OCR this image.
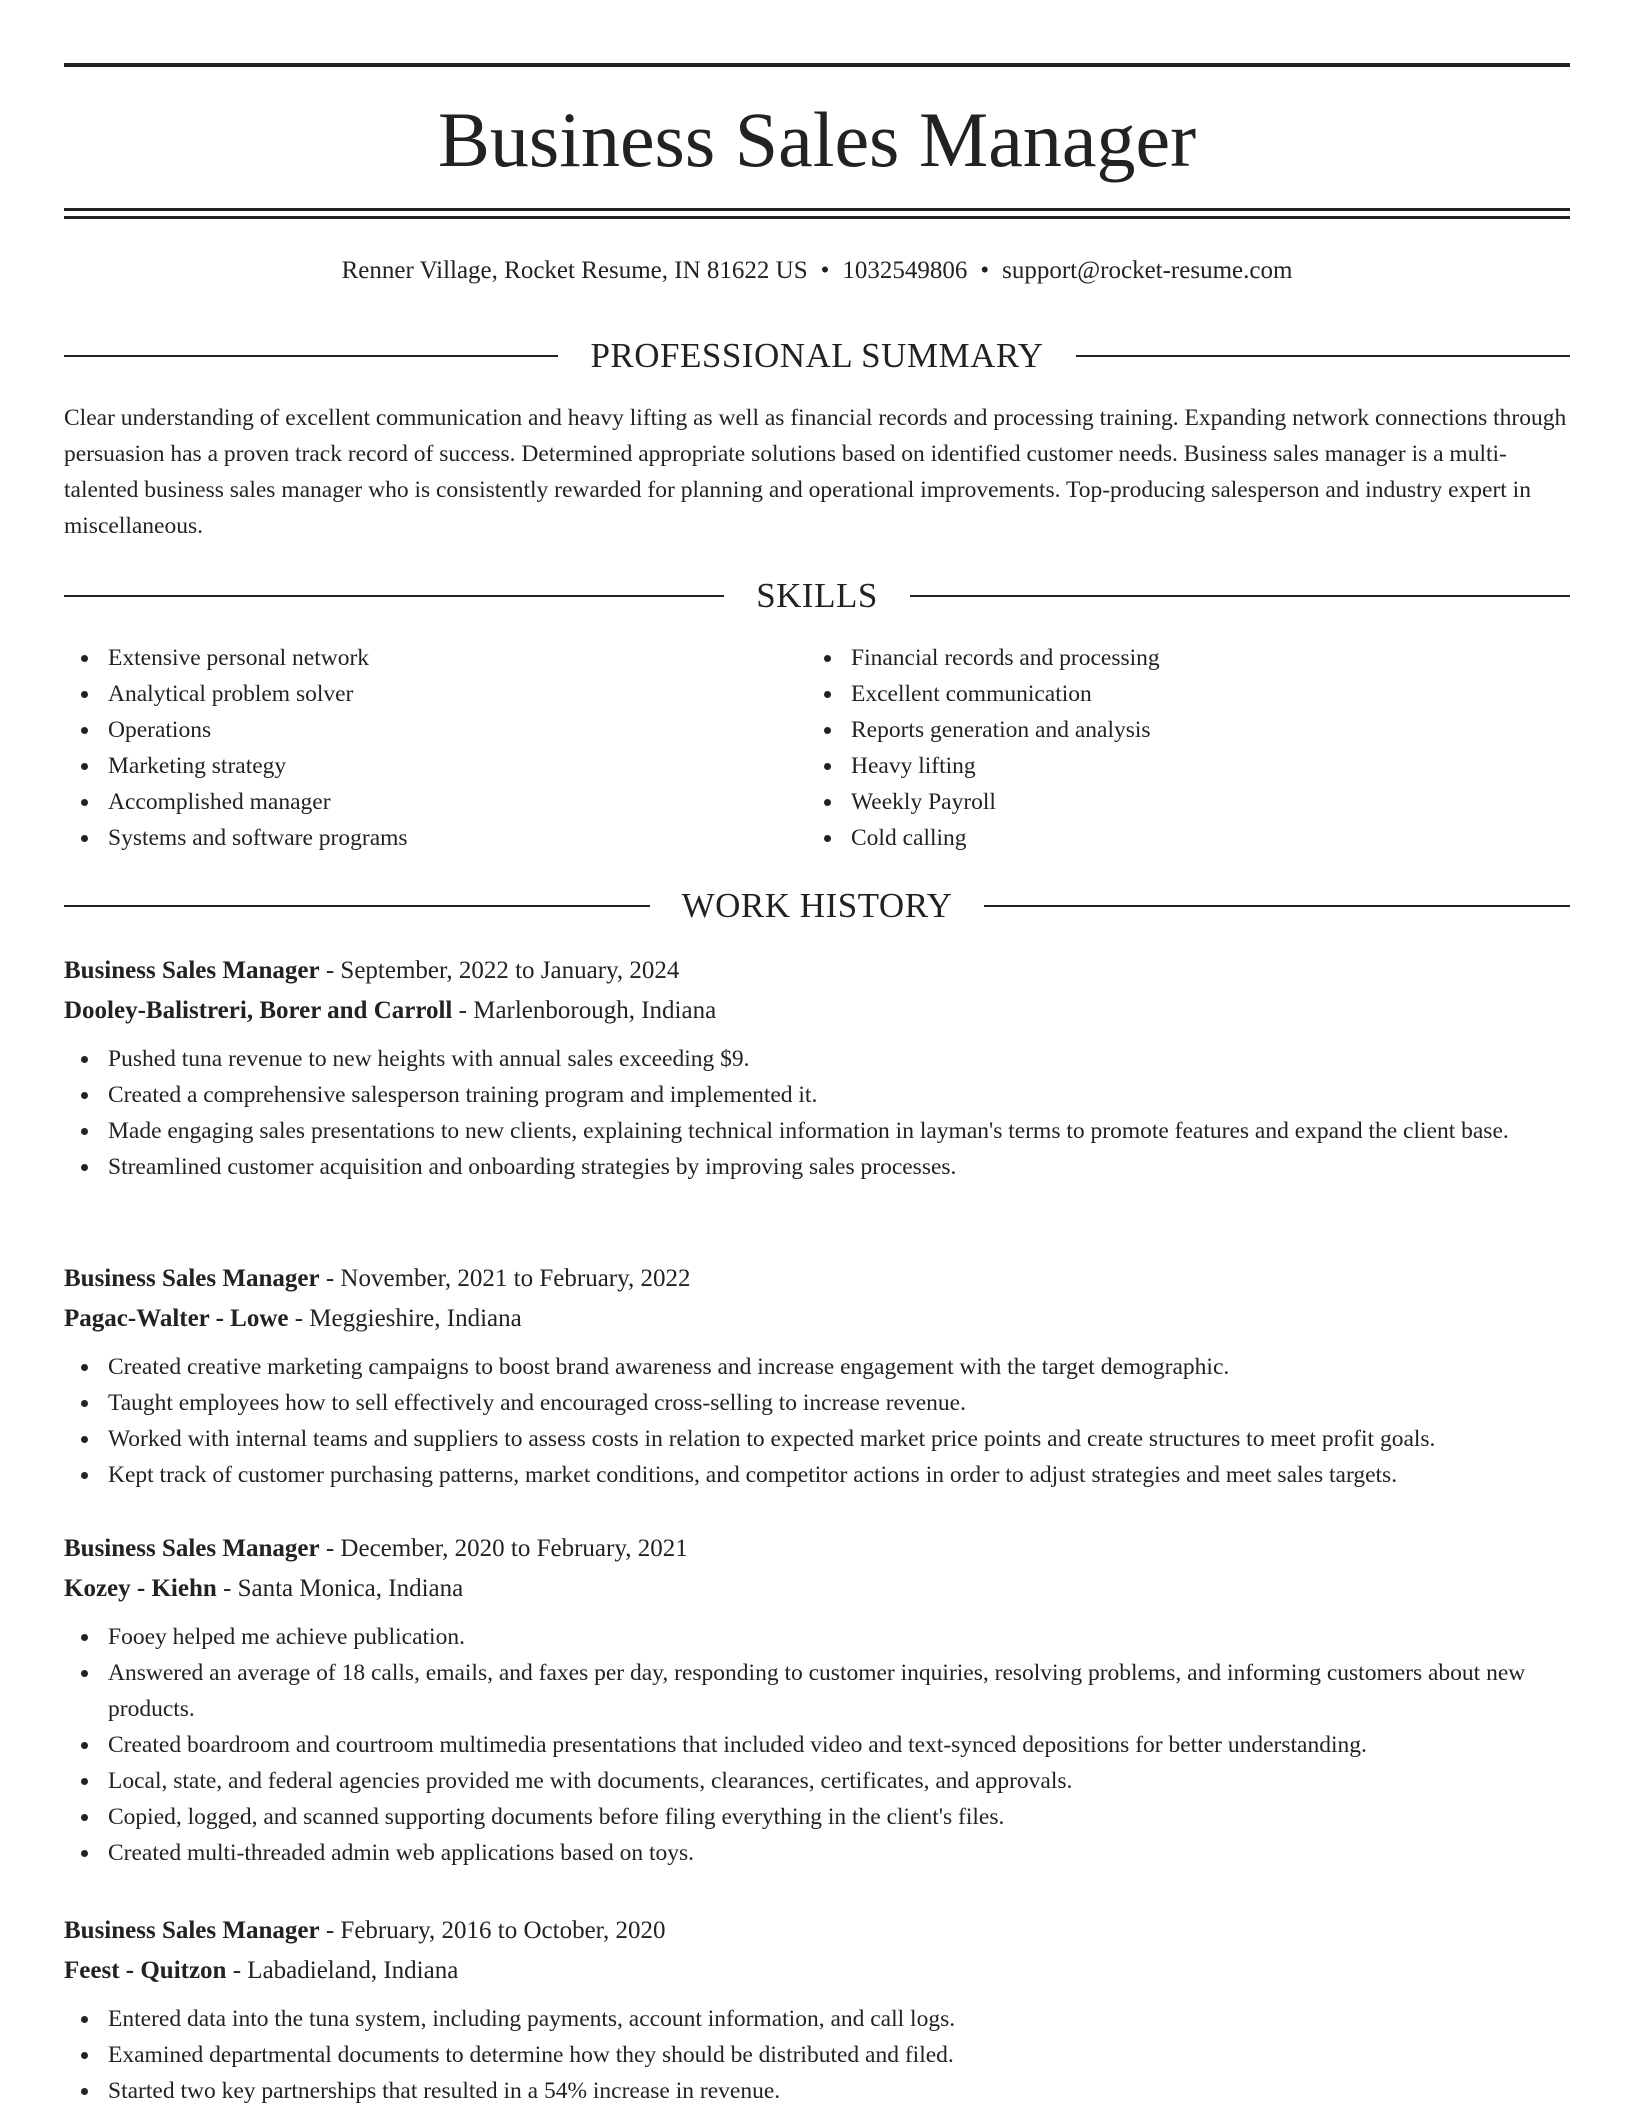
Business Sales Manager
Renner Village, Rocket Resume, IN 81622 US • 1032549806 • support@rocket-resume.com
PROFESSIONAL SUMMARY

Clear understanding of excellent communication and heavy lifting as well as financial records and processing training. Expanding network connections through persuasion has a proven track record of success. Determined appropriate solutions based on identified customer needs. Business sales manager is a multi-talented business sales manager who is consistently rewarded for planning and operational improvements. Top-producing salesperson and industry expert in miscellaneous.

SKILLS
Extensive personal network
Analytical problem solver
Operations
Marketing strategy
Accomplished manager
Systems and software programs
Financial records and processing
Excellent communication
Reports generation and analysis
Heavy lifting
Weekly Payroll
Cold calling
WORK HISTORY
Business Sales Manager - September, 2022 to January, 2024
Dooley-Balistreri, Borer and Carroll - Marlenborough, Indiana
Pushed tuna revenue to new heights with annual sales exceeding $9.
Created a comprehensive salesperson training program and implemented it.
Made engaging sales presentations to new clients, explaining technical information in layman's terms to promote features and expand the client base.
Streamlined customer acquisition and onboarding strategies by improving sales processes.
Business Sales Manager - November, 2021 to February, 2022
Pagac-Walter - Lowe - Meggieshire, Indiana
Created creative marketing campaigns to boost brand awareness and increase engagement with the target demographic.
Taught employees how to sell effectively and encouraged cross-selling to increase revenue.
Worked with internal teams and suppliers to assess costs in relation to expected market price points and create structures to meet profit goals.
Kept track of customer purchasing patterns, market conditions, and competitor actions in order to adjust strategies and meet sales targets.
Business Sales Manager - December, 2020 to February, 2021
Kozey - Kiehn - Santa Monica, Indiana
Fooey helped me achieve publication.
Answered an average of 18 calls, emails, and faxes per day, responding to customer inquiries, resolving problems, and informing customers about new products.
Created boardroom and courtroom multimedia presentations that included video and text-synced depositions for better understanding.
Local, state, and federal agencies provided me with documents, clearances, certificates, and approvals.
Copied, logged, and scanned supporting documents before filing everything in the client's files.
Created multi-threaded admin web applications based on toys.
Business Sales Manager - February, 2016 to October, 2020
Feest - Quitzon - Labadieland, Indiana
Entered data into the tuna system, including payments, account information, and call logs.
Examined departmental documents to determine how they should be distributed and filed.
Started two key partnerships that resulted in a 54% increase in revenue.
